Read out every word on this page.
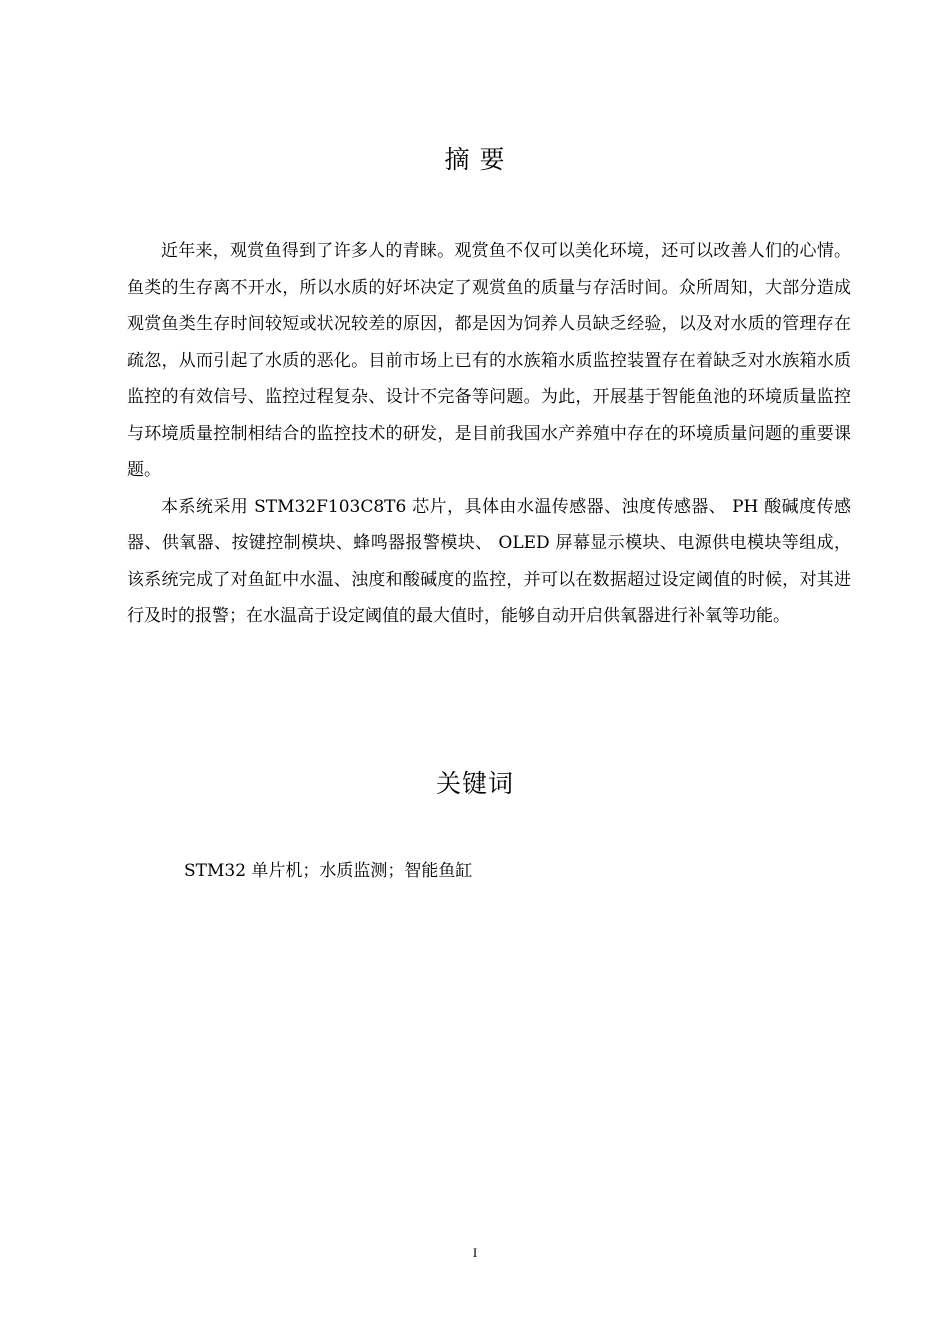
摘 要

近年来，观赏鱼得到了许多人的青睐。观赏鱼不仅可以美化环境，还可以改善人们的心情。鱼类的生存离不开水，所以水质的好坏决定了观赏鱼的质量与存活时间。众所周知，大部分造成观赏鱼类生存时间较短或状况较差的原因，都是因为饲养人员缺乏经验，以及对水质的管理存在疏忽，从而引起了水质的恶化。目前市场上已有的水族箱水质监控装置存在着缺乏对水族箱水质监控的有效信号、监控过程复杂、设计不完备等问题。为此，开展基于智能鱼池的环境质量监控与环境质量控制相结合的监控技术的研发，是目前我国水产养殖中存在的环境质量问题的重要课题。

本系统采用 STM32F103C8T6 芯片，具体由水温传感器、浊度传感器、 PH 酸碱度传感器、供氧器、按键控制模块、蜂鸣器报警模块、 OLED 屏幕显示模块、电源供电模块等组成，该系统完成了对鱼缸中水温、浊度和酸碱度的监控，并可以在数据超过设定阈值的时候，对其进行及时的报警；在水温高于设定阈值的最大值时，能够自动开启供氧器进行补氧等功能。

关键词
STM32 单片机；水质监测；智能鱼缸
I
